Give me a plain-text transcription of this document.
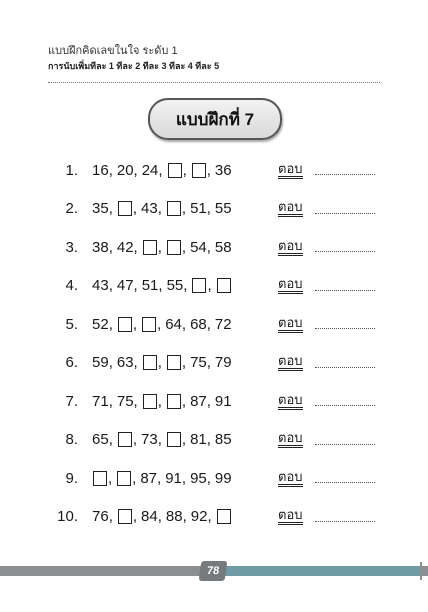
แบบฝึกคิดเลขในใจ ระดับ 1
การนับเพิ่มทีละ 1 ทีละ 2 ทีละ 3 ทีละ 4 ทีละ 5
แบบฝึกที่ 7
1. 16 , 20 , 24 , , , 36	ตอบ
2. 35 , , 43 , , 51 , 55	ตอบ
3. 38 , 42 , , , 54 , 58	ตอบ
4. 43 , 47 , 51 , 55 , ,	ตอบ
5. 52 , , , 64 , 68 , 72	ตอบ
6. 59 , 63 , , , 75 , 79	ตอบ
7. 71 , 75 , , , 87 , 91	ตอบ
8. 65 , , 73 , , 81 , 85	ตอบ
9. , , 87 , 91 , 95 , 99	ตอบ
10. 76 , , 84 , 88 , 92 ,	ตอบ
78
